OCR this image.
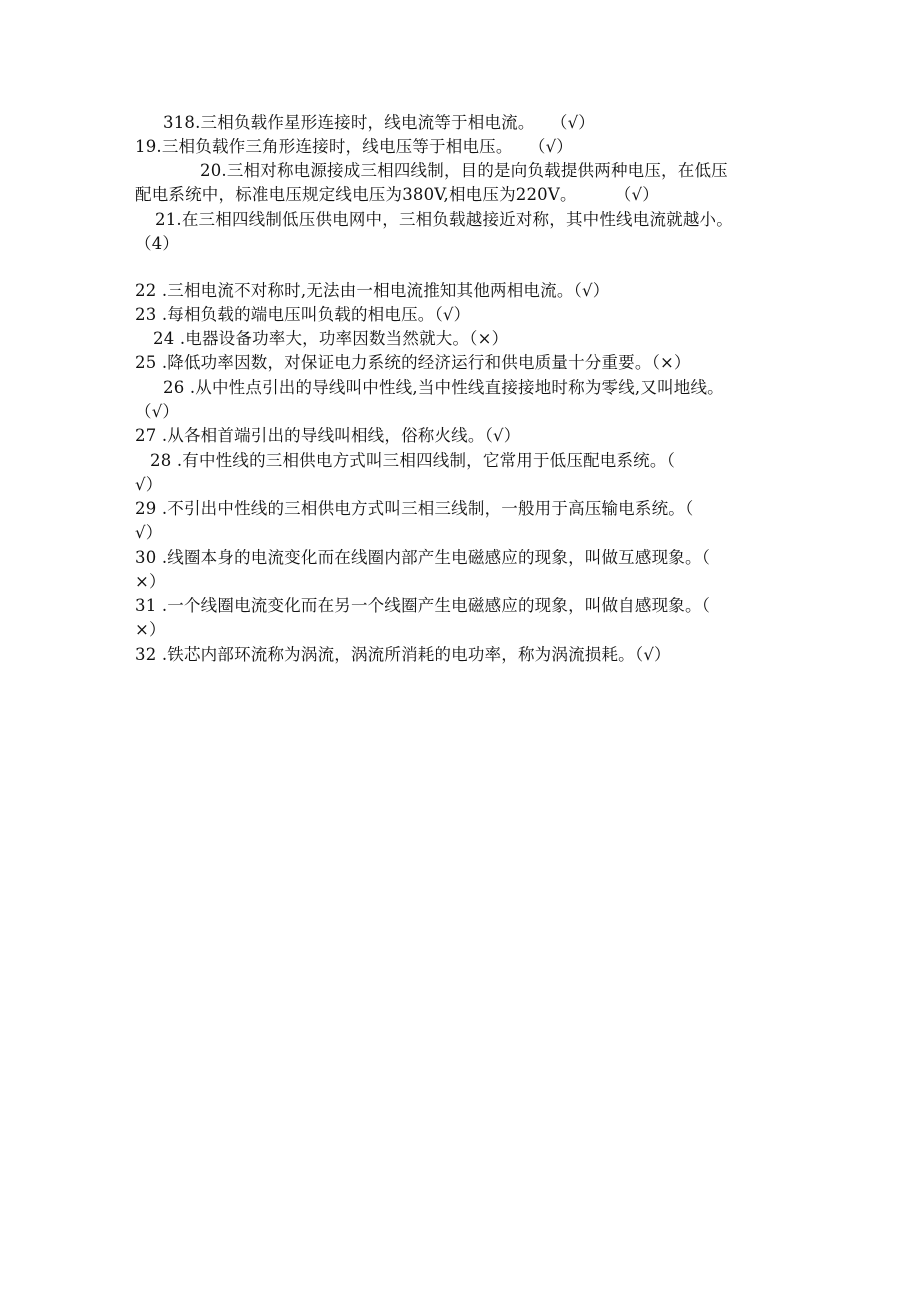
318.三相负载作星形连接时，线电流等于相电流。   （√）
19.三相负载作三角形连接时，线电压等于相电压。   （√）
20.三相对称电源接成三相四线制，目的是向负载提供两种电压，在低压
配电系统中，标准电压规定线电压为380V,相电压为220V。       （√）
21.在三相四线制低压供电网中，三相负载越接近对称，其中性线电流就越小。
（4）
22 .三相电流不对称时,无法由一相电流推知其他两相电流。（√）
23 .每相负载的端电压叫负载的相电压。（√）
24 .电器设备功率大，功率因数当然就大。（×）
25 .降低功率因数，对保证电力系统的经济运行和供电质量十分重要。（×）
26 .从中性点引出的导线叫中性线,当中性线直接接地时称为零线,又叫地线。
（√）
27 .从各相首端引出的导线叫相线，俗称火线。（√）
28 .有中性线的三相供电方式叫三相四线制，它常用于低压配电系统。（
√）
29 .不引出中性线的三相供电方式叫三相三线制，一般用于高压输电系统。（
√）
30 .线圈本身的电流变化而在线圈内部产生电磁感应的现象，叫做互感现象。（
×）
31 .一个线圈电流变化而在另一个线圈产生电磁感应的现象，叫做自感现象。（
×）
32 .铁芯内部环流称为涡流，涡流所消耗的电功率，称为涡流损耗。（√）
